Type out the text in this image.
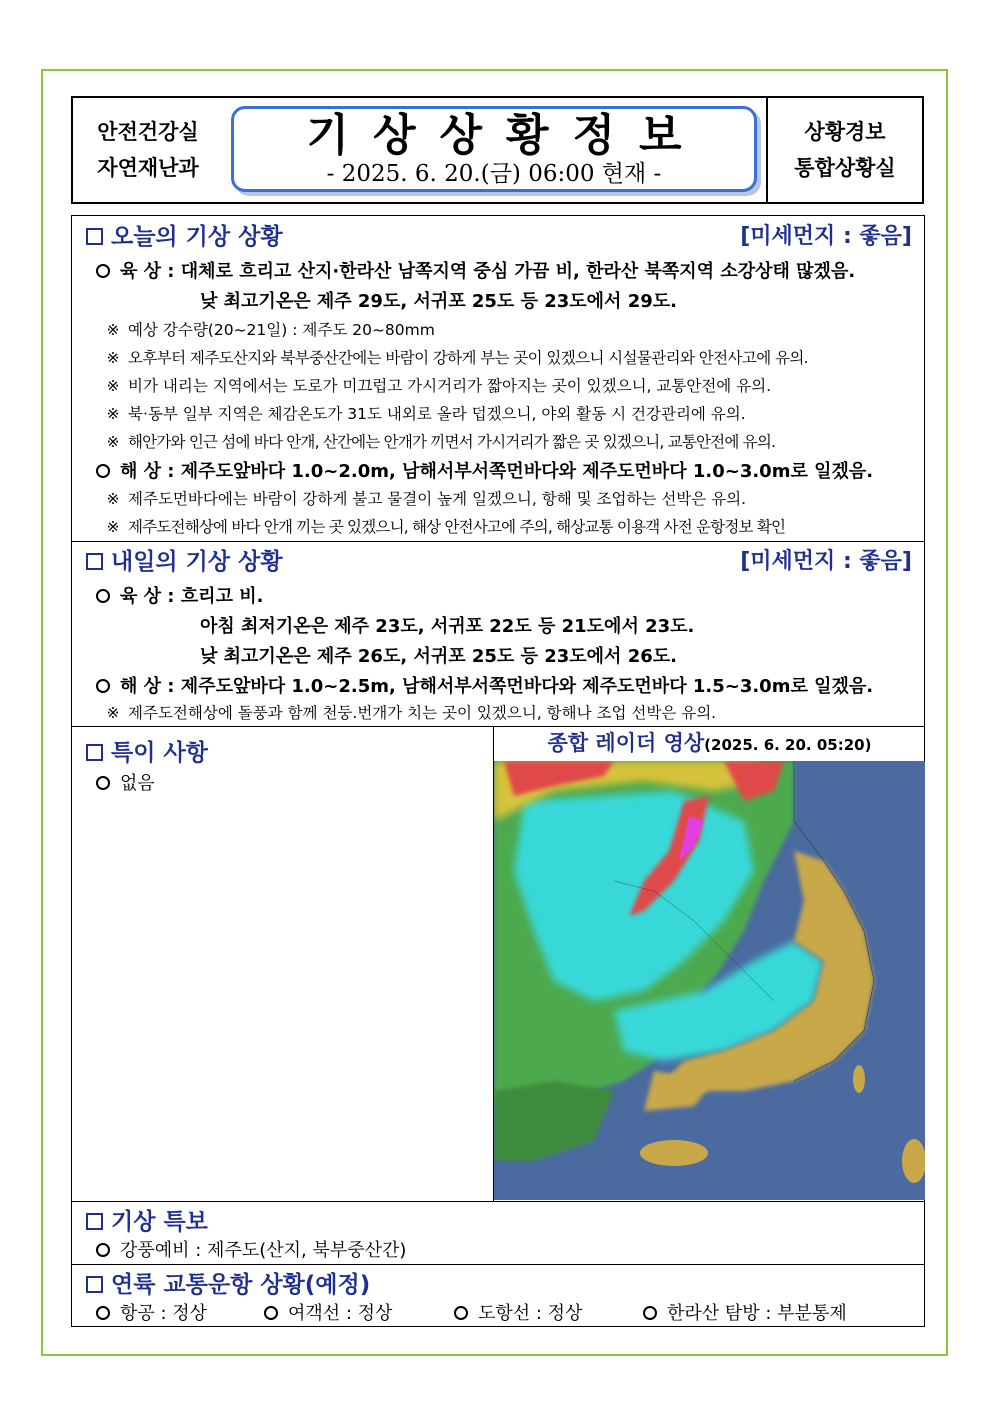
안전건강실
자연재난과
기상상황정보
- 2025. 6. 20.(금) 06:00 현재 -
상황경보
통합상황실
오늘의 기상 상황	[미세먼지 : 좋음]
육 상 : 대체로 흐리고 산지·한라산 남쪽지역 중심 가끔 비, 한라산 북쪽지역 소강상태 많겠음.
낮 최고기온은 제주 29도, 서귀포 25도 등 23도에서 29도.
※ 예상 강수량(20~21일) : 제주도 20~80mm
※ 오후부터 제주도산지와 북부중산간에는 바람이 강하게 부는 곳이 있겠으니 시설물관리와 안전사고에 유의.
※ 비가 내리는 지역에서는 도로가 미끄럽고 가시거리가 짧아지는 곳이 있겠으니, 교통안전에 유의.
※ 북·동부 일부 지역은 체감온도가 31도 내외로 올라 덥겠으니, 야외 활동 시 건강관리에 유의.
※ 해안가와 인근 섬에 바다 안개, 산간에는 안개가 끼면서 가시거리가 짧은 곳 있겠으니, 교통안전에 유의.
해 상 : 제주도앞바다 1.0~2.0m, 남해서부서쪽먼바다와 제주도먼바다 1.0~3.0m로 일겠음.
※ 제주도먼바다에는 바람이 강하게 불고 물결이 높게 일겠으니, 항해 및 조업하는 선박은 유의.
※ 제주도전해상에 바다 안개 끼는 곳 있겠으니, 해상 안전사고에 주의, 해상교통 이용객 사전 운항정보 확인
내일의 기상 상황	[미세먼지 : 좋음]
육 상 : 흐리고 비.
아침 최저기온은 제주 23도, 서귀포 22도 등 21도에서 23도.
낮 최고기온은 제주 26도, 서귀포 25도 등 23도에서 26도.
해 상 : 제주도앞바다 1.0~2.5m, 남해서부서쪽먼바다와 제주도먼바다 1.5~3.0m로 일겠음.
※ 제주도전해상에 돌풍과 함께 천둥.번개가 치는 곳이 있겠으니, 항해나 조업 선박은 유의.
특이 사항
없음
종합 레이더 영상(2025. 6. 20. 05:20)
기상 특보
강풍예비 : 제주도(산지, 북부중산간)
연륙 교통운항 상황(예정)
항공 : 정상	여객선 : 정상	도항선 : 정상	한라산 탐방 : 부분통제
